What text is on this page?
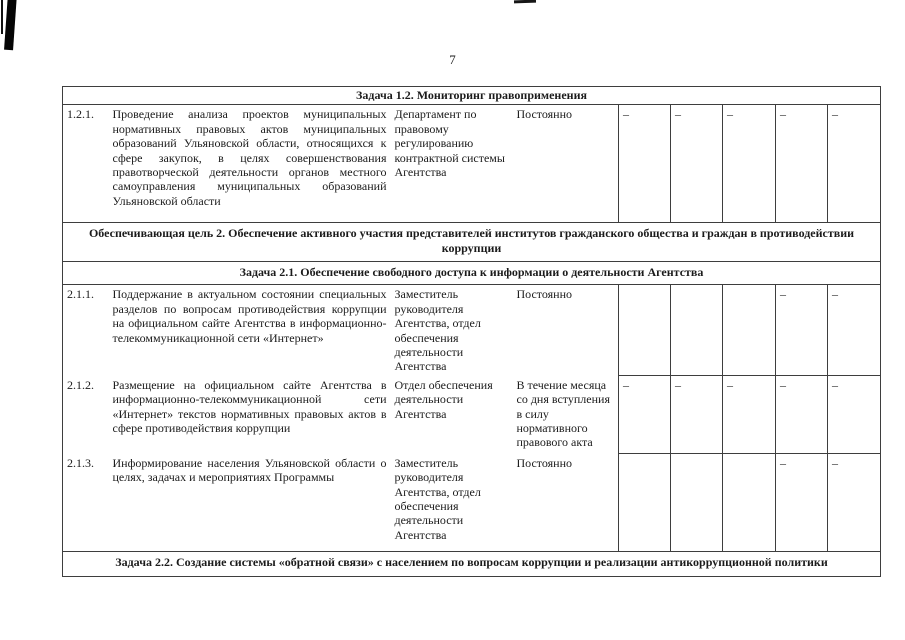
7
Задача 1.2. Мониторинг правоприменения								
1.2.1.	Проведение анализа проектов муниципальных нормативных правовых актов муниципальных образований Ульяновской области, относящихся к сфере закупок, в целях совершенствования правотворческой деятельности органов местного самоуправления муниципальных образований Ульяновской области	Департамент по правовому регулированию контрактной системы Агентства	Постоянно	–	–	–	–	–
Обеспечивающая цель 2. Обеспечение активного участия представителей институтов гражданского общества и граждан в противодействии коррупции								
Задача 2.1. Обеспечение свободного доступа к информации о деятельности Агентства								
2.1.1.	Поддержание в актуальном состоянии специальных разделов по вопросам противодействия коррупции на официальном сайте Агентства в информационно-телекоммуникационной сети «Интернет»	Заместитель руководителя Агентства, отдел обеспечения деятельности Агентства	Постоянно				–	–
2.1.2.	Размещение на официальном сайте Агентства в информационно-телекоммуникационной сети «Интернет» текстов нормативных правовых актов в сфере противодействия коррупции	Отдел обеспечения деятельности Агентства	В течение месяца со дня вступления в силу нормативного правового акта	–	–	–	–	–
2.1.3.	Информирование населения Ульяновской области о целях, задачах и мероприятиях Программы	Заместитель руководителя Агентства, отдел обеспечения деятельности Агентства	Постоянно				–	–
Задача 2.2. Создание системы «обратной связи» с населением по вопросам коррупции и реализации антикоррупционной политики								
